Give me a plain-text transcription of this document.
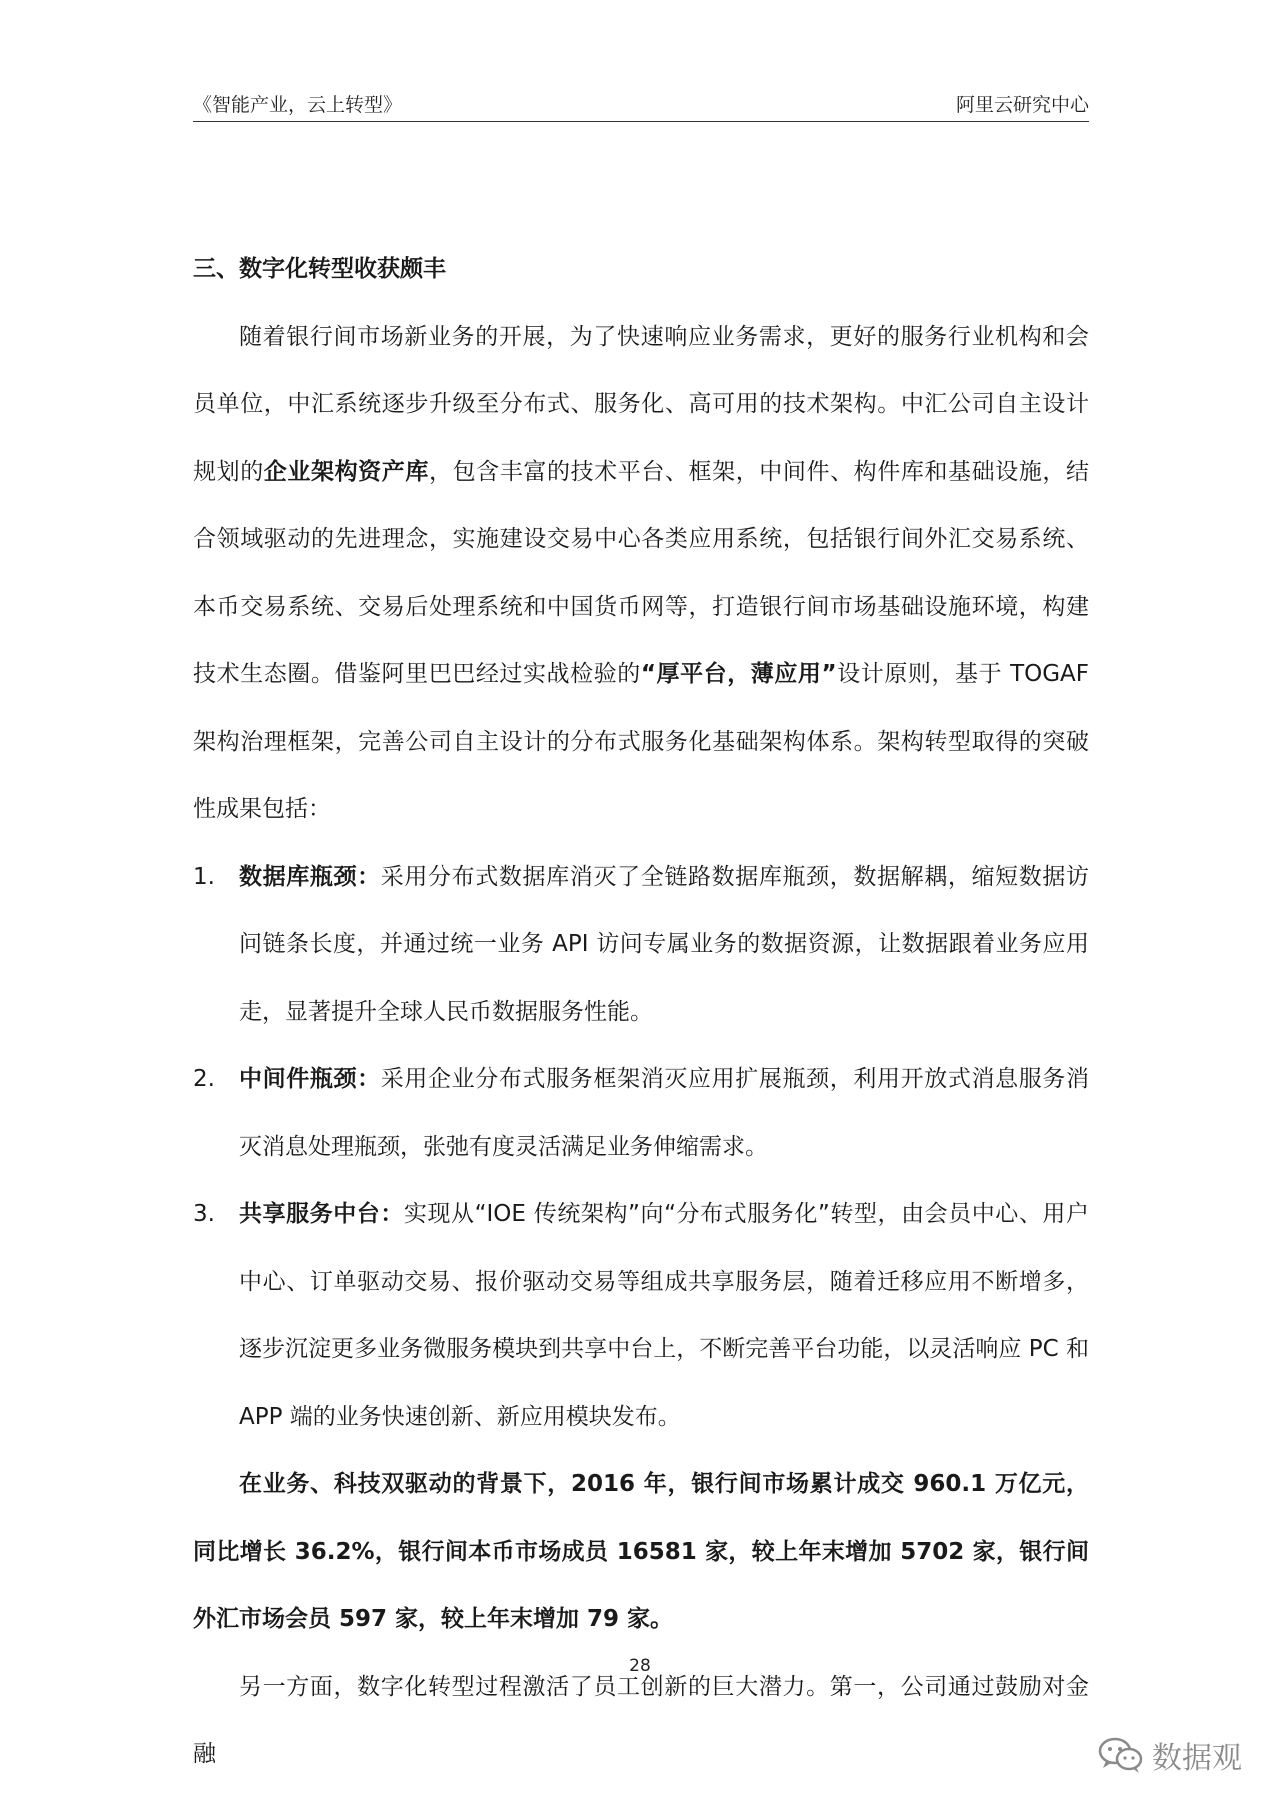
《智能产业，云上转型》	阿里云研究中心

三、数字化转型收获颇丰

随着银行间市场新业务的开展，为了快速响应业务需求，更好的服务行业机构和会员单位，中汇系统逐步升级至分布式、服务化、高可用的技术架构。中汇公司自主设计规划的企业架构资产库，包含丰富的技术平台、框架，中间件、构件库和基础设施，结合领域驱动的先进理念，实施建设交易中心各类应用系统，包括银行间外汇交易系统、本币交易系统、交易后处理系统和中国货币网等，打造银行间市场基础设施环境，构建技术生态圈。借鉴阿里巴巴经过实战检验的“厚平台，薄应用”设计原则，基于 TOGAF 架构治理框架，完善公司自主设计的分布式服务化基础架构体系。架构转型取得的突破性成果包括：

1.	数据库瓶颈：采用分布式数据库消灭了全链路数据库瓶颈，数据解耦，缩短数据访问链条长度，并通过统一业务 API 访问专属业务的数据资源，让数据跟着业务应用走，显著提升全球人民币数据服务性能。
2.	中间件瓶颈：采用企业分布式服务框架消灭应用扩展瓶颈，利用开放式消息服务消灭消息处理瓶颈，张弛有度灵活满足业务伸缩需求。
3.	共享服务中台：实现从“IOE 传统架构”向“分布式服务化”转型，由会员中心、用户中心、订单驱动交易、报价驱动交易等组成共享服务层，随着迁移应用不断增多，逐步沉淀更多业务微服务模块到共享中台上，不断完善平台功能，以灵活响应 PC 和 APP 端的业务快速创新、新应用模块发布。

在业务、科技双驱动的背景下，2016 年，银行间市场累计成交 960.1 万亿元，同比增长 36.2%，银行间本币市场成员 16581 家，较上年末增加 5702 家，银行间外汇市场会员 597 家，较上年末增加 79 家。

另一方面，数字化转型过程激活了员工创新的巨大潜力。第一，公司通过鼓励对金融

28
数据观
